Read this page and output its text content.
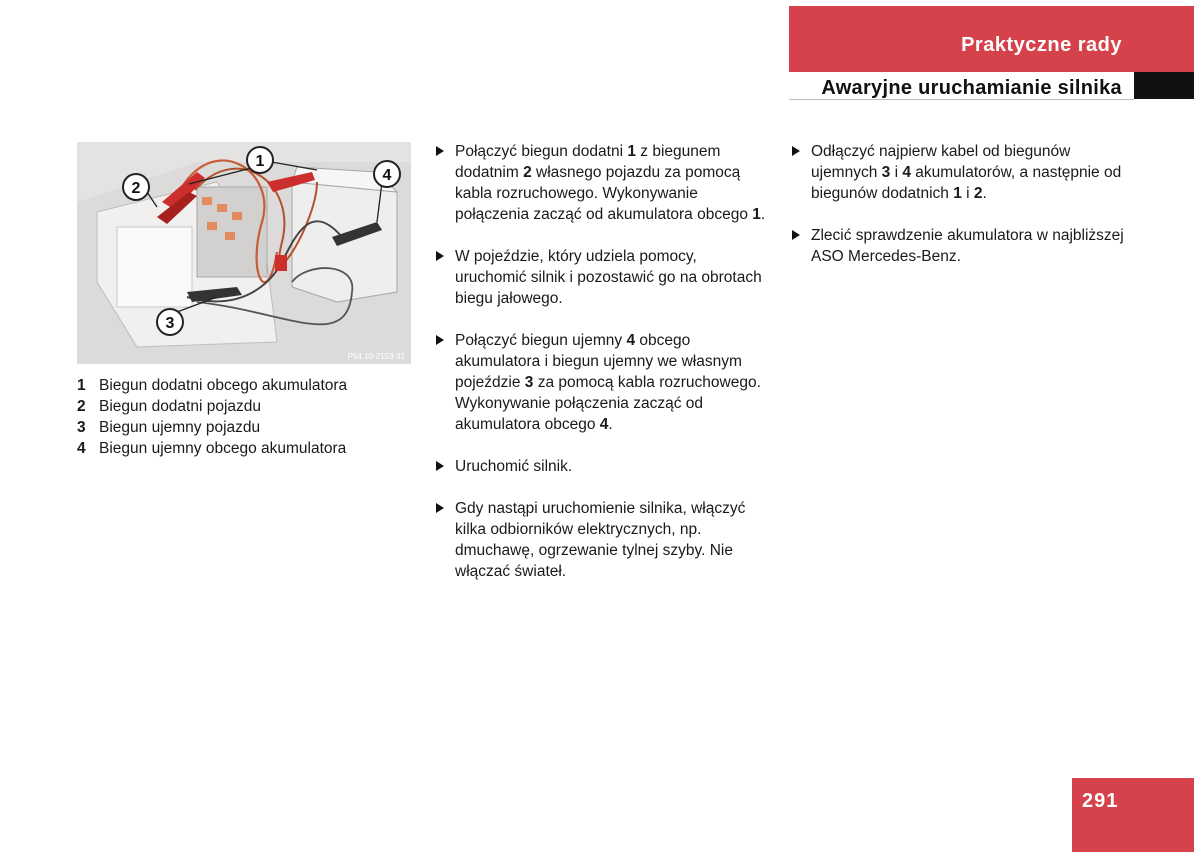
Praktyczne rady
Awaryjne uruchamianie silnika
1
2
3
4
P54.10-2153-31
1 Biegun dodatni obcego akumulatora
2 Biegun dodatni pojazdu
3 Biegun ujemny pojazdu
4 Biegun ujemny obcego akumulatora
Połączyć biegun dodatni 1 z biegunem dodatnim 2 własnego pojazdu za pomocą kabla rozruchowego. Wykonywanie połączenia zacząć od akumulatora obcego 1.
W pojeździe, który udziela pomocy, uruchomić silnik i pozostawić go na obrotach biegu jałowego.
Połączyć biegun ujemny 4 obcego akumulatora i biegun ujemny we własnym pojeździe 3 za pomocą kabla rozruchowego. Wykonywanie połączenia zacząć od akumulatora obcego 4.
Uruchomić silnik.
Gdy nastąpi uruchomienie silnika, włączyć kilka odbiorników elektrycznych, np. dmuchawę, ogrzewanie tylnej szyby. Nie włączać świateł.
Odłączyć najpierw kabel od biegunów ujemnych 3 i 4 akumulatorów, a następnie od biegunów dodatnich 1 i 2.
Zlecić sprawdzenie akumulatora w najbliższej ASO Mercedes-Benz.
291
